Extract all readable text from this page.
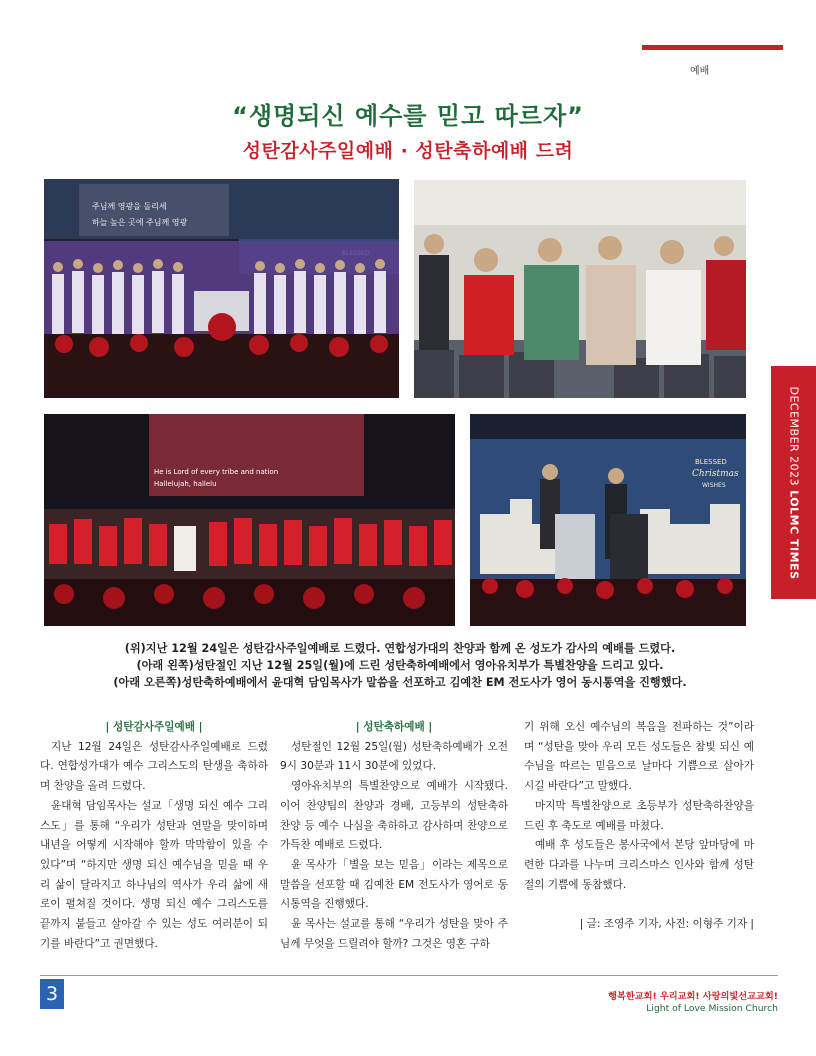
예배
“생명되신 예수를 믿고 따르자”
성탄감사주일예배 · 성탄축하예배 드려
DECEMBER 2023 LOLMC TIMES
주님께 영광을 돌리세
하늘 높은 곳에 주님께 영광
He is Lord of every tribe and nation
Hallelujah, hallelu
BLESSED
Christmas
WISHES

(위)지난 12월 24일은 성탄감사주일예배로 드렸다. 연합성가대의 찬양과 함께 온 성도가 감사의 예배를 드렸다.

(아래 왼쪽)성탄절인 지난 12월 25일(월)에 드린 성탄축하예배에서 영아유치부가 특별찬양을 드리고 있다.

(아래 오른쪽)성탄축하예배에서 윤대혁 담임목사가 말씀을 선포하고 김예찬 EM 전도사가 영어 동시통역을 진행했다.

| 성탄감사주일예배 |

지난 12월 24일은 성탄감사주일예배로 드렸다. 연합성가대가 예수 그리스도의 탄생을 축하하며 찬양을 올려 드렸다.

윤대혁 담임목사는 설교「생명 되신 예수 그리스도」를 통해 “우리가 성탄과 연말을 맞이하며 내년을 어떻게 시작해야 할까 막막함이 있을 수 있다”며 “하지만 생명 되신 예수님을 믿을 때 우리 삶이 달라지고 하나님의 역사가 우리 삶에 새로이 펼쳐질 것이다. 생명 되신 예수 그리스도를 끝까지 붙들고 살아갈 수 있는 성도 여러분이 되기를 바란다”고 권면했다.

| 성탄축하예배 |

성탄절인 12월 25일(월) 성탄축하예배가 오전 9시 30분과 11시 30분에 있었다.

영아유치부의 특별찬양으로 예배가 시작됐다. 이어 찬양팀의 찬양과 경배, 고등부의 성탄축하 찬양 등 예수 나심을 축하하고 감사하며 찬양으로 가득찬 예배로 드렸다.

윤 목사가「별을 보는 믿음」이라는 제목으로 말씀을 선포할 때 김예찬 EM 전도사가 영어로 동시통역을 진행했다.

윤 목사는 설교를 통해 “우리가 성탄을 맞아 주님께 무엇을 드릴려야 할까? 그것은 영혼 구하

기 위해 오신 예수님의 복음을 전파하는 것”이라며 “성탄을 맞아 우리 모든 성도들은 참빛 되신 예수님을 따르는 믿음으로 날마다 기쁨으로 살아가시길 바란다”고 말했다.

마지막 특별찬양으로 초등부가 성탄축하찬양을 드린 후 축도로 예배를 마쳤다.

예배 후 성도들은 봉사국에서 본당 앞마당에 마련한 다과를 나누며 크리스마스 인사와 함께 성탄절의 기쁨에 동참했다.

| 글: 조영주 기자, 사진: 이형주 기자 |

3	행복한교회! 우리교회! 사랑의빛선교교회!
Light of Love Mission Church
